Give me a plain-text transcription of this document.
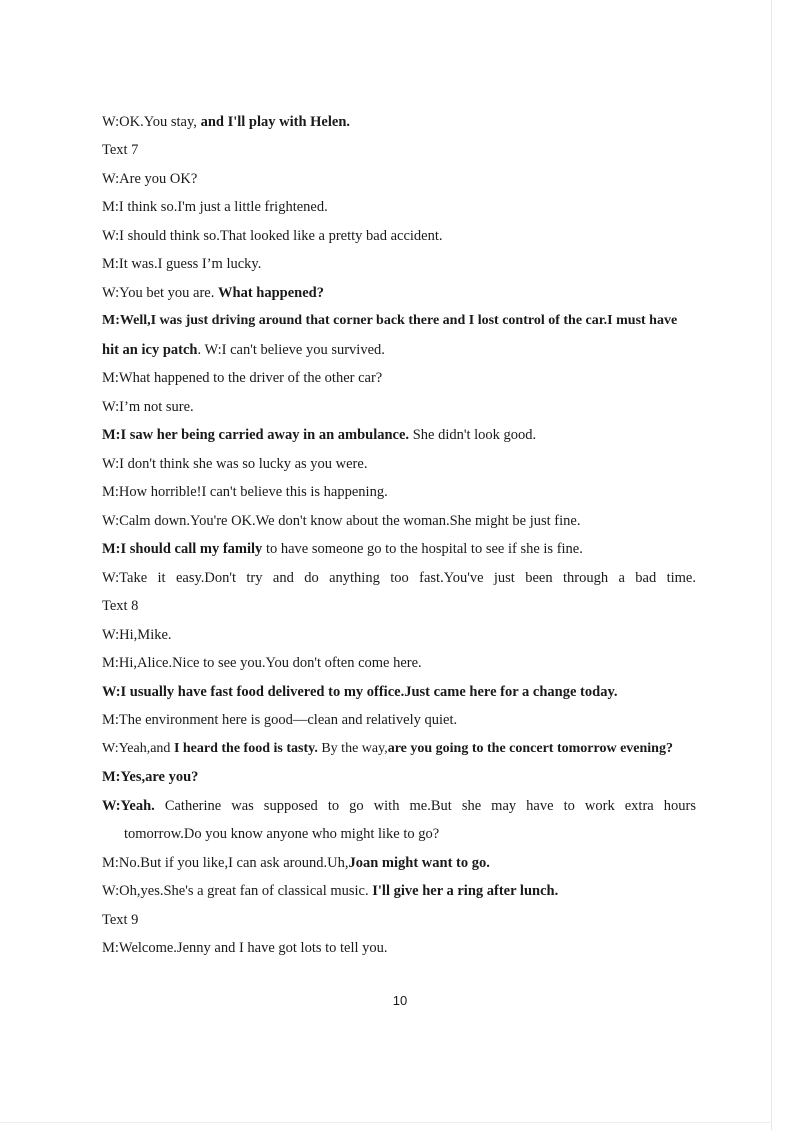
W:OK.You stay, and I'll play with Helen.
Text 7
W:Are you OK?
M:I think so.I'm just a little frightened.
W:I should think so.That looked like a pretty bad accident.
M:It was.I guess I’m lucky.
W:You bet you are. What happened?
M:Well,I was just driving around that corner back there and I lost control of the car.I must have
hit an icy patch. W:I can't believe you survived.
M:What happened to the driver of the other car?
W:I’m not sure.
M:I saw her being carried away in an ambulance. She didn't look good.
W:I don't think she was so lucky as you were.
M:How horrible!I can't believe this is happening.
W:Calm down.You're OK.We don't know about the woman.She might be just fine.
M:I should call my family to have someone go to the hospital to see if she is fine.
W:Take it easy.Don't try and do anything too fast.You've just been through a bad time.
Text 8
W:Hi,Mike.
M:Hi,Alice.Nice to see you.You don't often come here.
W:I usually have fast food delivered to my office.Just came here for a change today.
M:The environment here is good—clean and relatively quiet.
W:Yeah,and I heard the food is tasty. By the way,are you going to the concert tomorrow evening?
M:Yes,are you?
W:Yeah. Catherine was supposed to go with me.But she may have to work extra hours
tomorrow.Do you know anyone who might like to go?
M:No.But if you like,I can ask around.Uh,Joan might want to go.
W:Oh,yes.She's a great fan of classical music. I'll give her a ring after lunch.
Text 9
M:Welcome.Jenny and I have got lots to tell you.
10
